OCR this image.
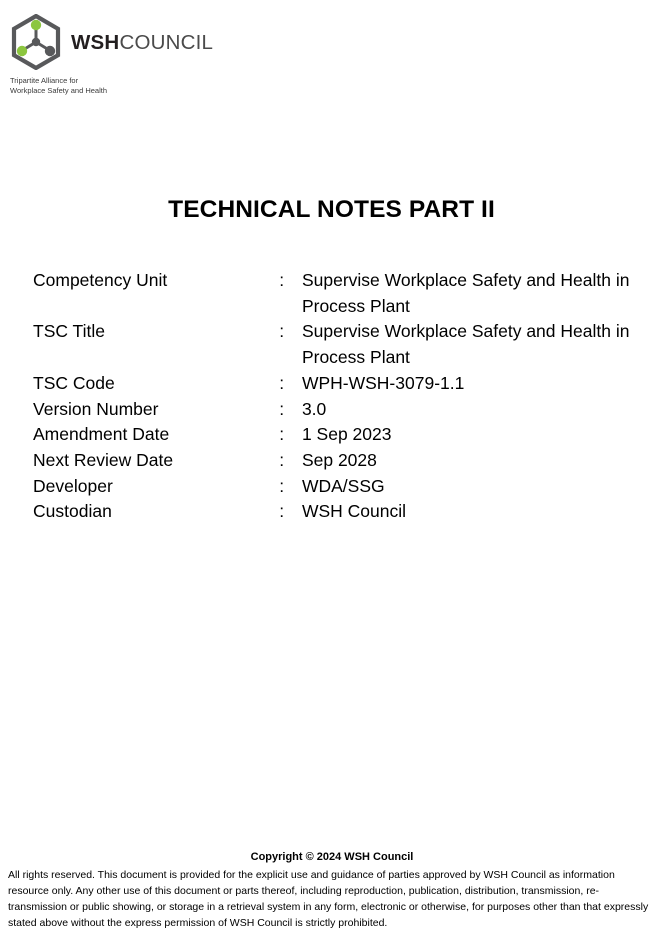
WSHCOUNCIL
Tripartite Alliance for
Workplace Safety and Health
TECHNICAL NOTES PART II
Competency Unit	:	Supervise Workplace Safety and Health in Process Plant
TSC Title	:	Supervise Workplace Safety and Health in Process Plant
TSC Code	:	WPH-WSH-3079-1.1
Version Number	:	3.0
Amendment Date	:	1 Sep 2023
Next Review Date	:	Sep 2028
Developer	:	WDA/SSG
Custodian	:	WSH Council
Copyright © 2024 WSH Council
All rights reserved. This document is provided for the explicit use and guidance of parties approved by WSH Council as information resource only. Any other use of this document or parts thereof, including reproduction, publication, distribution, transmission, re-transmission or public showing, or storage in a retrieval system in any form, electronic or otherwise, for purposes other than that expressly stated above without the express permission of WSH Council is strictly prohibited.
